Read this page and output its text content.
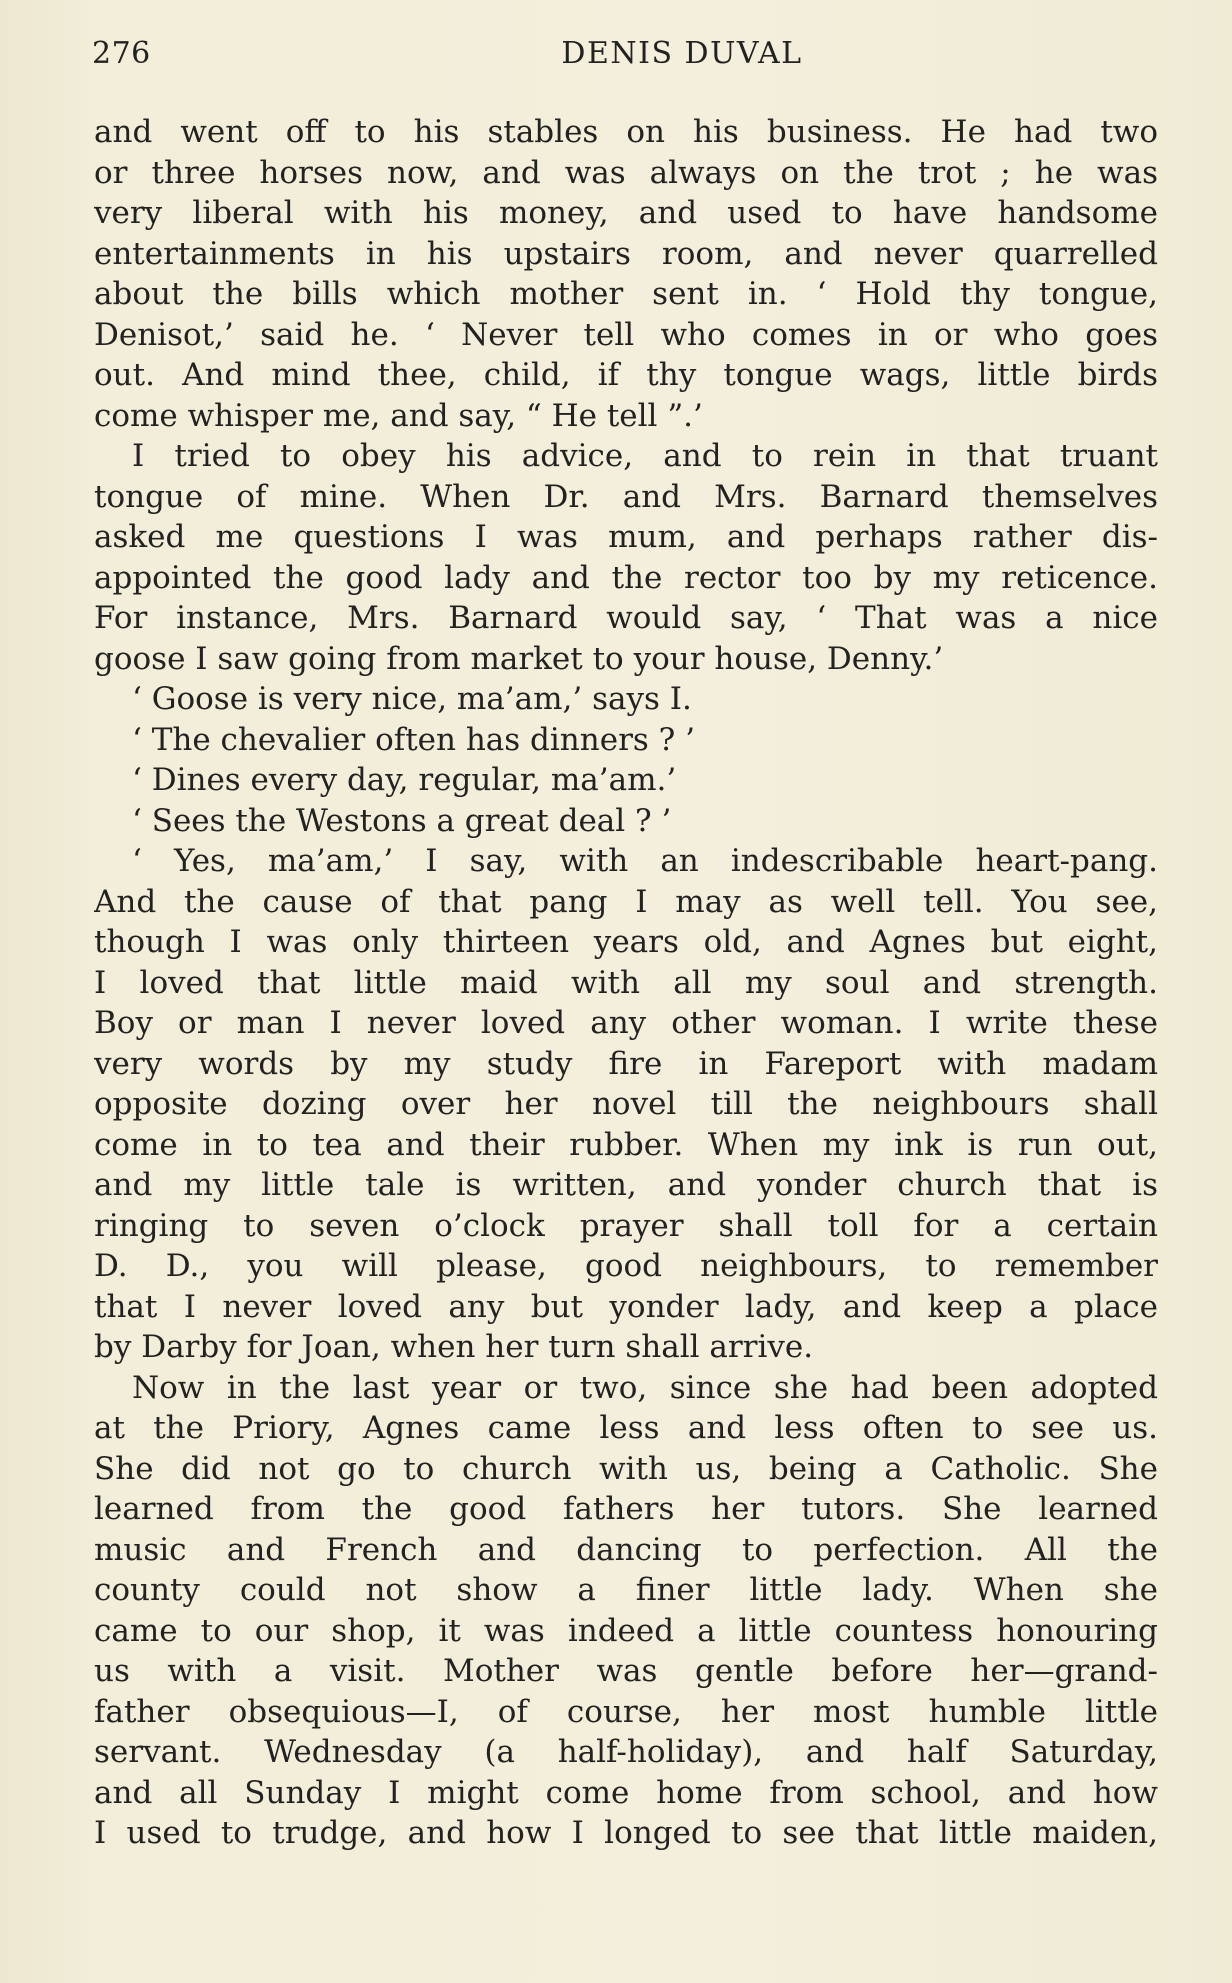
276	DENIS DUVAL
and went off to his stables on his business. He had two
or three horses now, and was always on the trot ; he was
very liberal with his money, and used to have handsome
entertainments in his upstairs room, and never quarrelled
about the bills which mother sent in. ‘ Hold thy tongue,
Denisot,’ said he. ‘ Never tell who comes in or who goes
out. And mind thee, child, if thy tongue wags, little birds
come whisper me, and say, “ He tell ”.’
I tried to obey his advice, and to rein in that truant
tongue of mine. When Dr. and Mrs. Barnard themselves
asked me questions I was mum, and perhaps rather dis-
appointed the good lady and the rector too by my reticence.
For instance, Mrs. Barnard would say, ‘ That was a nice
goose I saw going from market to your house, Denny.’
‘ Goose is very nice, ma’am,’ says I.
‘ The chevalier often has dinners ? ’
‘ Dines every day, regular, ma’am.’
‘ Sees the Westons a great deal ? ’
‘ Yes, ma’am,’ I say, with an indescribable heart-pang.
And the cause of that pang I may as well tell. You see,
though I was only thirteen years old, and Agnes but eight,
I loved that little maid with all my soul and strength.
Boy or man I never loved any other woman. I write these
very words by my study fire in Fareport with madam
opposite dozing over her novel till the neighbours shall
come in to tea and their rubber. When my ink is run out,
and my little tale is written, and yonder church that is
ringing to seven o’clock prayer shall toll for a certain
D. D., you will please, good neighbours, to remember
that I never loved any but yonder lady, and keep a place
by Darby for Joan, when her turn shall arrive.
Now in the last year or two, since she had been adopted
at the Priory, Agnes came less and less often to see us.
She did not go to church with us, being a Catholic. She
learned from the good fathers her tutors. She learned
music and French and dancing to perfection. All the
county could not show a finer little lady. When she
came to our shop, it was indeed a little countess honouring
us with a visit. Mother was gentle before her—grand-
father obsequious—I, of course, her most humble little
servant. Wednesday (a half-holiday), and half Saturday,
and all Sunday I might come home from school, and how
I used to trudge, and how I longed to see that little maiden,
